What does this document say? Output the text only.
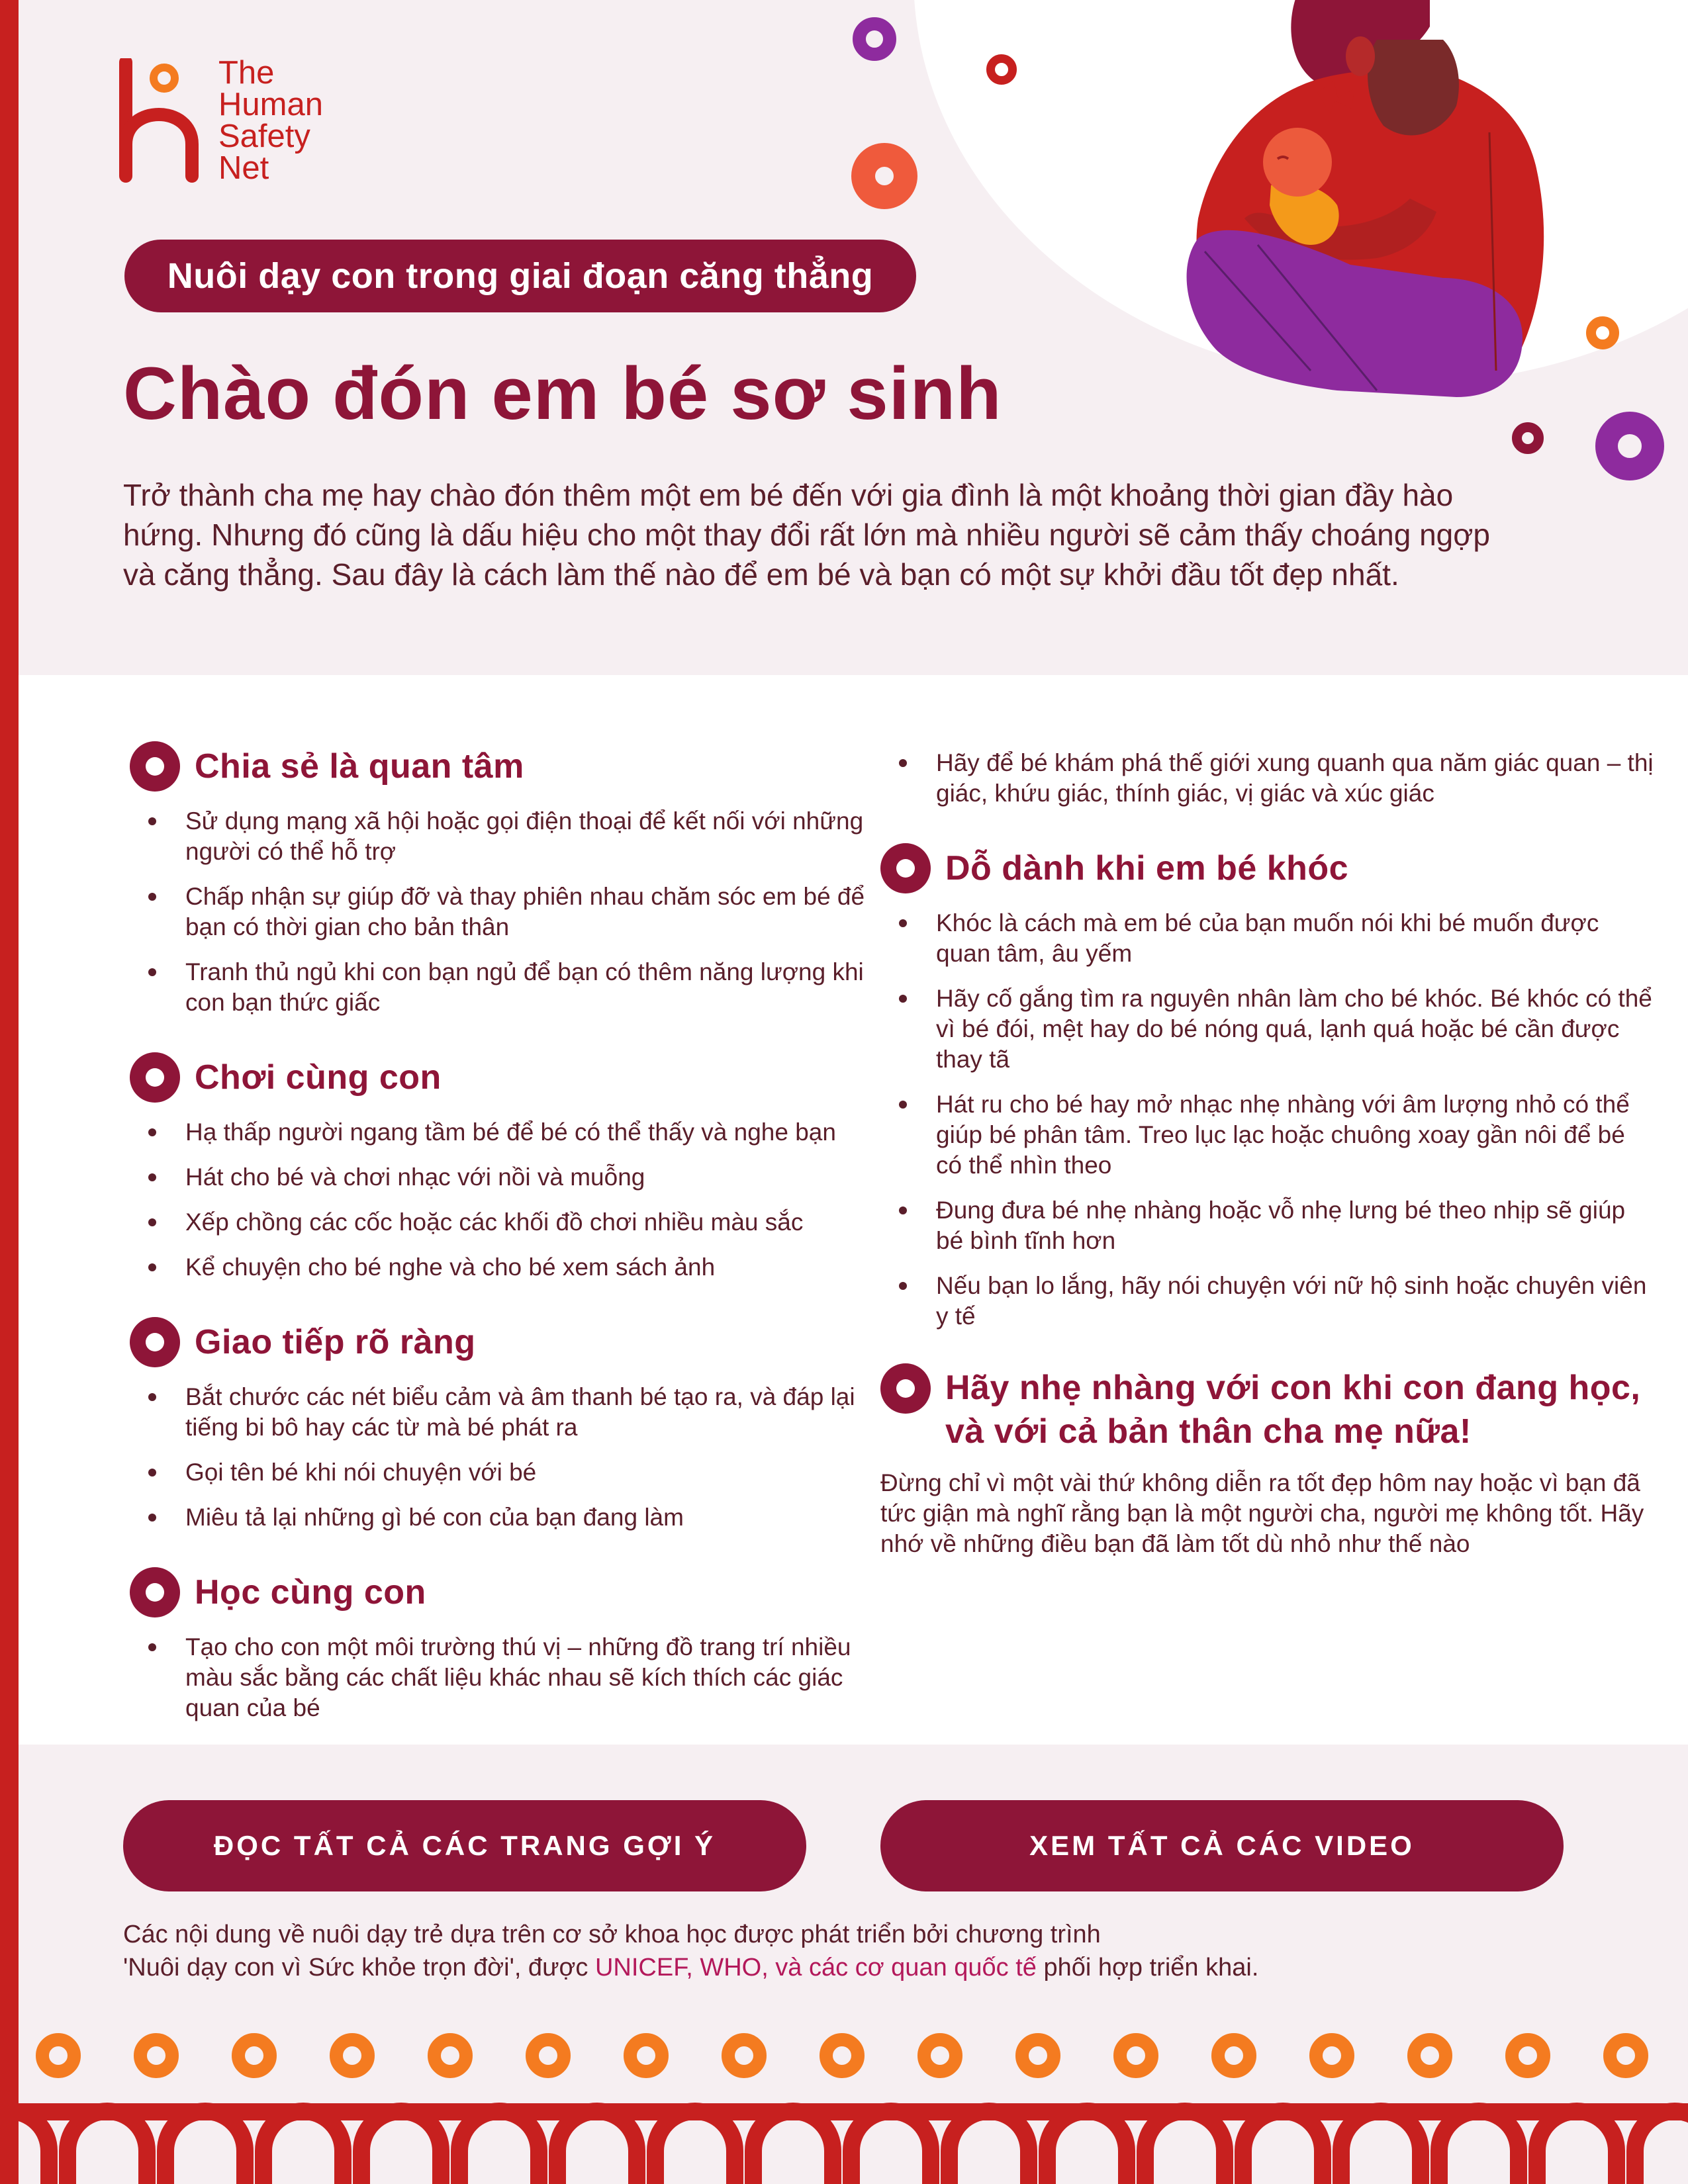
The
Human
Safety
Net
Nuôi dạy con trong giai đoạn căng thẳng
Chào đón em bé sơ sinh

Trở thành cha mẹ hay chào đón thêm một em bé đến với gia đình là một khoảng thời gian đầy hào hứng. Nhưng đó cũng là dấu hiệu cho một thay đổi rất lớn mà nhiều người sẽ cảm thấy choáng ngợp và căng thẳng. Sau đây là cách làm thế nào để em bé và bạn có một sự khởi đầu tốt đẹp nhất.

Chia sẻ là quan tâm
Sử dụng mạng xã hội hoặc gọi điện thoại để kết nối với những người có thể hỗ trợ
Chấp nhận sự giúp đỡ và thay phiên nhau chăm sóc em bé để bạn có thời gian cho bản thân
Tranh thủ ngủ khi con bạn ngủ để bạn có thêm năng lượng khi con bạn thức giấc
Chơi cùng con
Hạ thấp người ngang tầm bé để bé có thể thấy và nghe bạn
Hát cho bé và chơi nhạc với nồi và muỗng
Xếp chồng các cốc hoặc các khối đồ chơi nhiều màu sắc
Kể chuyện cho bé nghe và cho bé xem sách ảnh
Giao tiếp rõ ràng
Bắt chước các nét biểu cảm và âm thanh bé tạo ra, và đáp lại tiếng bi bô hay các từ mà bé phát ra
Gọi tên bé khi nói chuyện với bé
Miêu tả lại những gì bé con của bạn đang làm
Học cùng con
Tạo cho con một môi trường thú vị – những đồ trang trí nhiều màu sắc bằng các chất liệu khác nhau sẽ kích thích các giác quan của bé
Hãy để bé khám phá thế giới xung quanh qua năm giác quan – thị giác, khứu giác, thính giác, vị giác và xúc giác
Dỗ dành khi em bé khóc
Khóc là cách mà em bé của bạn muốn nói khi bé muốn được quan tâm, âu yếm
Hãy cố gắng tìm ra nguyên nhân làm cho bé khóc. Bé khóc có thể vì bé đói, mệt hay do bé nóng quá, lạnh quá hoặc bé cần được thay tã
Hát ru cho bé hay mở nhạc nhẹ nhàng với âm lượng nhỏ có thể giúp bé phân tâm. Treo lục lạc hoặc chuông xoay gần nôi để bé có thể nhìn theo
Đung đưa bé nhẹ nhàng hoặc vỗ nhẹ lưng bé theo nhịp sẽ giúp bé bình tĩnh hơn
Nếu bạn lo lắng, hãy nói chuyện với nữ hộ sinh hoặc chuyên viên y tế
Hãy nhẹ nhàng với con khi con đang học, và với cả bản thân cha mẹ nữa!

Đừng chỉ vì một vài thứ không diễn ra tốt đẹp hôm nay hoặc vì bạn đã tức giận mà nghĩ rằng bạn là một người cha, người mẹ không tốt. Hãy nhớ về những điều bạn đã làm tốt dù nhỏ như thế nào

ĐỌC TẤT CẢ CÁC TRANG GỢI Ý	XEM TẤT CẢ CÁC VIDEO

Các nội dung về nuôi dạy trẻ dựa trên cơ sở khoa học được phát triển bởi chương trình
'Nuôi dạy con vì Sức khỏe trọn đời', được UNICEF, WHO, và các cơ quan quốc tế phối hợp triển khai.
